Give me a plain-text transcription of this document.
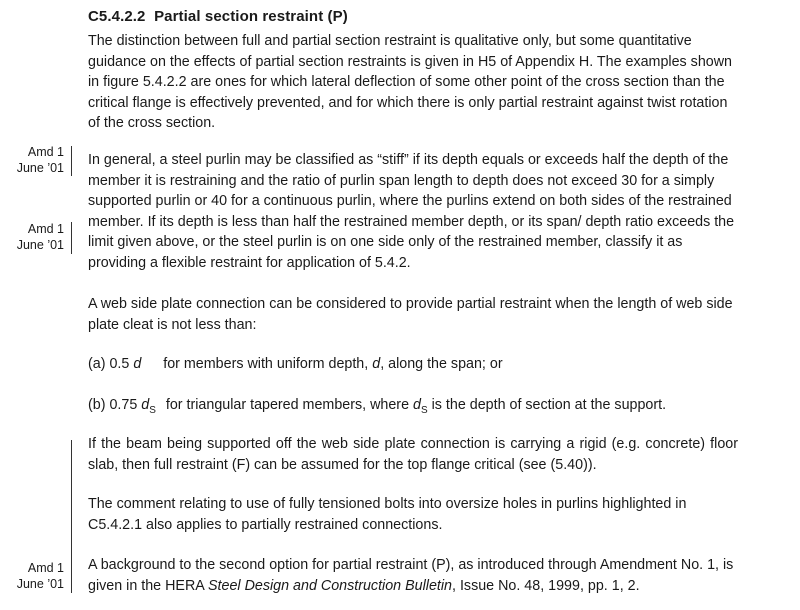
C5.4.2.2 Partial section restraint (P)

The distinction between full and partial section restraint is qualitative only, but some quantitative guidance on the effects of partial section restraints is given in H5 of Appendix H. The examples shown in figure 5.4.2.2 are ones for which lateral deflection of some other point of the cross section than the critical flange is effectively prevented, and for which there is only partial restraint against twist rotation of the cross section.

Amd 1
June ’01
Amd 1
June ’01

In general, a steel purlin may be classified as “stiff” if its depth equals or exceeds half the depth of the member it is restraining and the ratio of purlin span length to depth does not exceed 30 for a simply supported purlin or 40 for a continuous purlin, where the purlins extend on both sides of the restrained member. If its depth is less than half the restrained member depth, or its span/ depth ratio exceeds the limit given above, or the steel purlin is on one side only of the restrained member, classify it as providing a flexible restraint for application of 5.4.2.

A web side plate connection can be considered to provide partial restraint when the length of web side plate cleat is not less than:

(a) 0.5 d for members with uniform depth, d, along the span; or
(b) 0.75 $d_S$ for triangular tapered members, where $d_S$ is the depth of section at the support.

If the beam being supported off the web side plate connection is carrying a rigid (e.g. concrete) floor slab, then full restraint (F) can be assumed for the top flange critical (see (5.40)).

The comment relating to use of fully tensioned bolts into oversize holes in purlins highlighted in C5.4.2.1 also applies to partially restrained connections.

Amd 1
June ’01

A background to the second option for partial restraint (P), as introduced through Amendment No. 1, is given in the HERA Steel Design and Construction Bulletin, Issue No. 48, 1999, pp. 1, 2.
